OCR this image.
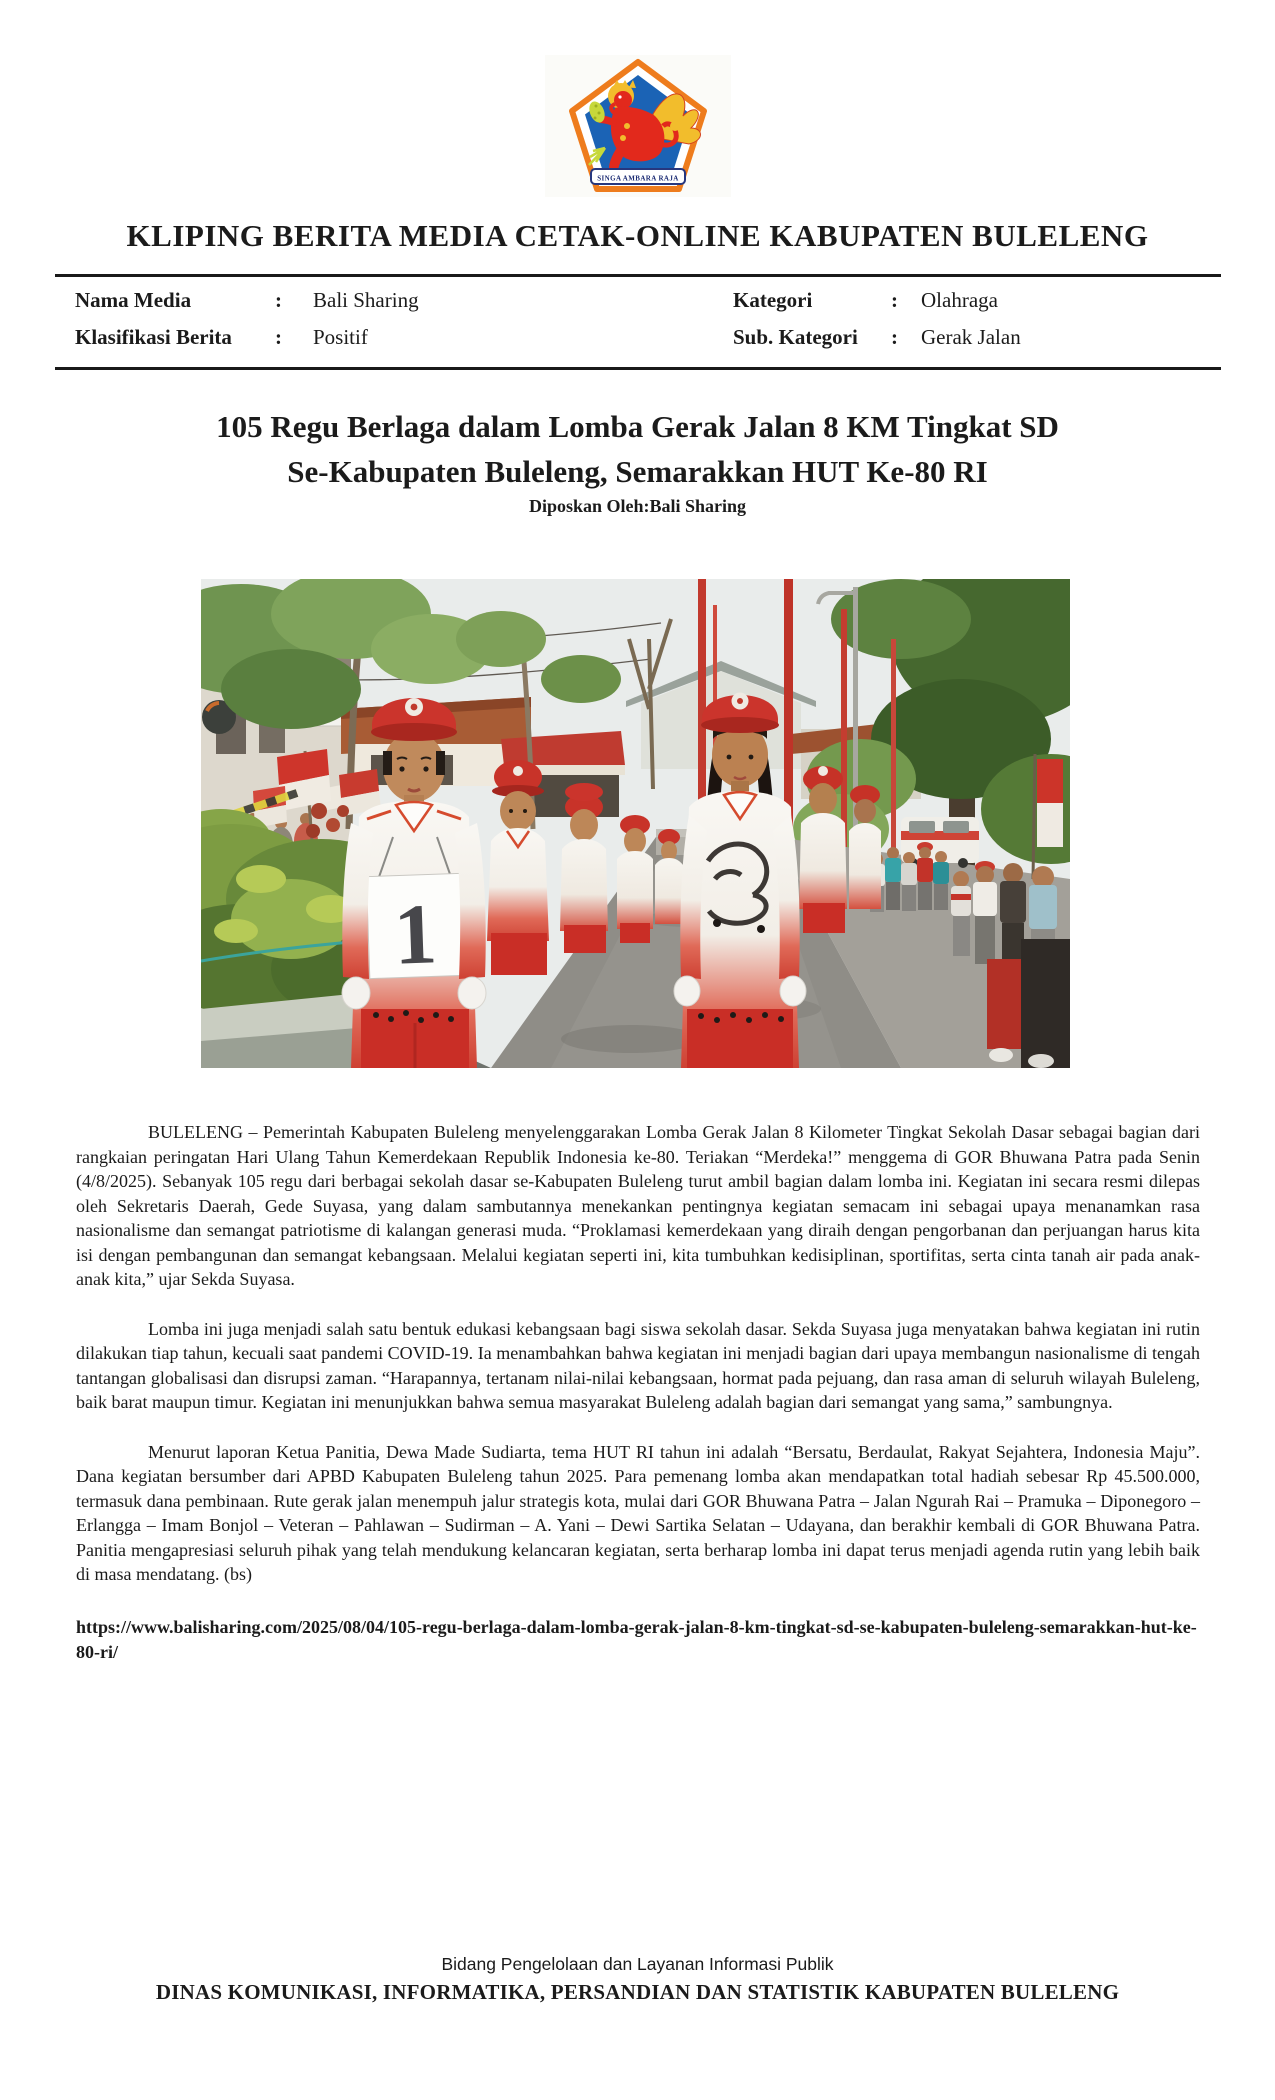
SINGA AMBARA RAJA
KLIPING BERITA MEDIA CETAK-ONLINE KABUPATEN BULELENG
Nama Media	:	Bali Sharing	Kategori	:	Olahraga
Klasifikasi Berita	:	Positif	Sub. Kategori	:	Gerak Jalan
105 Regu Berlaga dalam Lomba Gerak Jalan 8 KM Tingkat SD
Se-Kabupaten Buleleng, Semarakkan HUT Ke-80 RI
Diposkan Oleh:Bali Sharing
1

BULELENG – Pemerintah Kabupaten Buleleng menyelenggarakan Lomba Gerak Jalan 8 Kilometer Tingkat Sekolah Dasar sebagai bagian dari rangkaian peringatan Hari Ulang Tahun Kemerdekaan Republik Indonesia ke-80. Teriakan “Merdeka!” menggema di GOR Bhuwana Patra pada Senin (4/8/2025). Sebanyak 105 regu dari berbagai sekolah dasar se-Kabupaten Buleleng turut ambil bagian dalam lomba ini. Kegiatan ini secara resmi dilepas oleh Sekretaris Daerah, Gede Suyasa, yang dalam sambutannya menekankan pentingnya kegiatan semacam ini sebagai upaya menanamkan rasa nasionalisme dan semangat patriotisme di kalangan generasi muda. “Proklamasi kemerdekaan yang diraih dengan pengorbanan dan perjuangan harus kita isi dengan pembangunan dan semangat kebangsaan. Melalui kegiatan seperti ini, kita tumbuhkan kedisiplinan, sportifitas, serta cinta tanah air pada anak-anak kita,” ujar Sekda Suyasa.

Lomba ini juga menjadi salah satu bentuk edukasi kebangsaan bagi siswa sekolah dasar. Sekda Suyasa juga menyatakan bahwa kegiatan ini rutin dilakukan tiap tahun, kecuali saat pandemi COVID-19. Ia menambahkan bahwa kegiatan ini menjadi bagian dari upaya membangun nasionalisme di tengah tantangan globalisasi dan disrupsi zaman. “Harapannya, tertanam nilai-nilai kebangsaan, hormat pada pejuang, dan rasa aman di seluruh wilayah Buleleng, baik barat maupun timur. Kegiatan ini menunjukkan bahwa semua masyarakat Buleleng adalah bagian dari semangat yang sama,” sambungnya.

Menurut laporan Ketua Panitia, Dewa Made Sudiarta, tema HUT RI tahun ini adalah “Bersatu, Berdaulat, Rakyat Sejahtera, Indonesia Maju”. Dana kegiatan bersumber dari APBD Kabupaten Buleleng tahun 2025. Para pemenang lomba akan mendapatkan total hadiah sebesar Rp 45.500.000, termasuk dana pembinaan. Rute gerak jalan menempuh jalur strategis kota, mulai dari GOR Bhuwana Patra – Jalan Ngurah Rai – Pramuka – Diponegoro – Erlangga – Imam Bonjol – Veteran – Pahlawan – Sudirman – A. Yani – Dewi Sartika Selatan – Udayana, dan berakhir kembali di GOR Bhuwana Patra. Panitia mengapresiasi seluruh pihak yang telah mendukung kelancaran kegiatan, serta berharap lomba ini dapat terus menjadi agenda rutin yang lebih baik di masa mendatang. (bs)

https://www.balisharing.com/2025/08/04/105-regu-berlaga-dalam-lomba-gerak-jalan-8-km-tingkat-sd-se-kabupaten-buleleng-semarakkan-hut-ke-80-ri/
Bidang Pengelolaan dan Layanan Informasi Publik
DINAS KOMUNIKASI, INFORMATIKA, PERSANDIAN DAN STATISTIK KABUPATEN BULELENG
